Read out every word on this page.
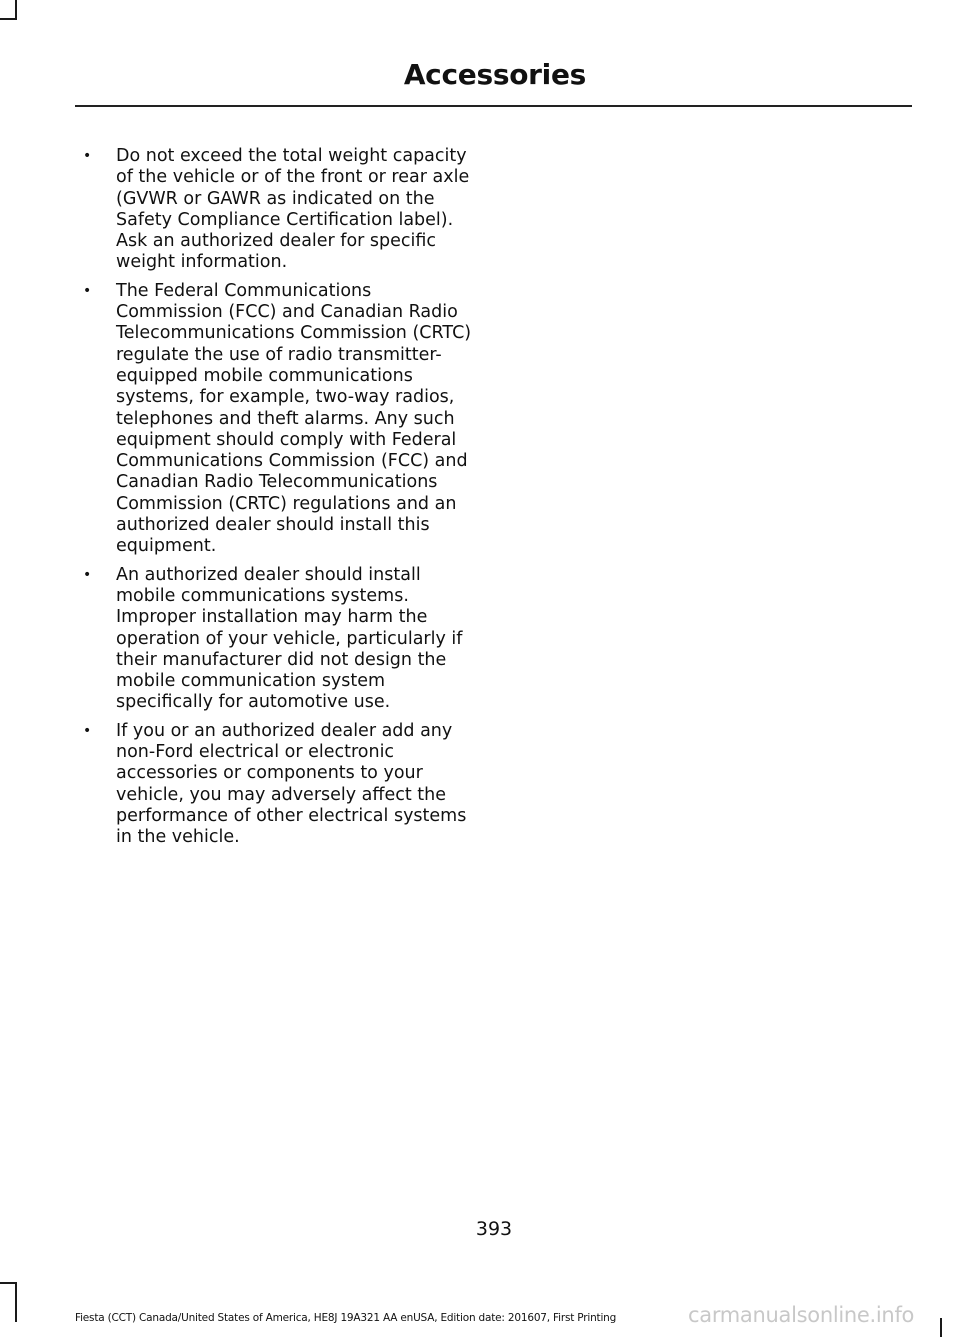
Accessories
• Do not exceed the total weight capacity of the vehicle or of the front or rear axle (GVWR or GAWR as indicated on the Safety Compliance Certification label). Ask an authorized dealer for specific weight information.
• The Federal Communications Commission (FCC) and Canadian Radio Telecommunications Commission (CRTC) regulate the use of radio transmitter-equipped mobile communications systems, for example, two-way radios, telephones and theft alarms. Any such equipment should comply with Federal Communications Commission (FCC) and Canadian Radio Telecommunications Commission (CRTC) regulations and an authorized dealer should install this equipment.
• An authorized dealer should install mobile communications systems. Improper installation may harm the operation of your vehicle, particularly if their manufacturer did not design the mobile communication system specifically for automotive use.
• If you or an authorized dealer add any non-Ford electrical or electronic accessories or components to your vehicle, you may adversely affect the performance of other electrical systems in the vehicle.
393
Fiesta (CCT) Canada/United States of America, HE8J 19A321 AA enUSA, Edition date: 201607, First Printing	carmanualsonline.info
